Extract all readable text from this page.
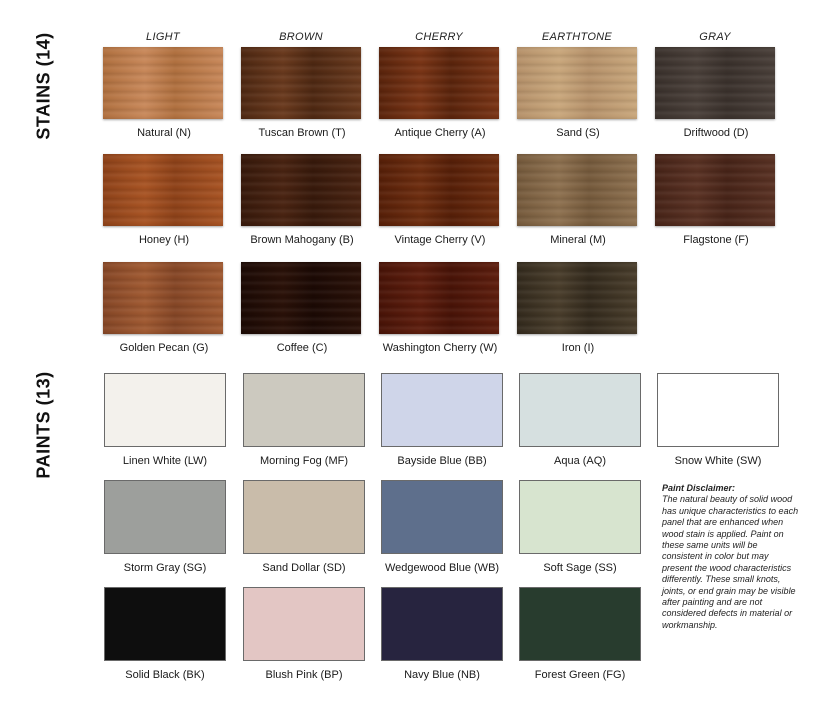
STAINS (14)
PAINTS (13)
LIGHT	BROWN	CHERRY	EARTHTONE	GRAY
Natural (N)	Tuscan Brown (T)	Antique Cherry (A)	Sand (S)	Driftwood (D)
Honey (H)	Brown Mahogany (B)	Vintage Cherry (V)	Mineral (M)	Flagstone (F)
Golden Pecan (G)	Coffee (C)	Washington Cherry (W)	Iron (I)
Linen White (LW)	Morning Fog (MF)	Bayside Blue (BB)	Aqua (AQ)	Snow White (SW)
Storm Gray (SG)	Sand Dollar (SD)	Wedgewood Blue (WB)	Soft Sage (SS)
Solid Black (BK)	Blush Pink (BP)	Navy Blue (NB)	Forest Green (FG)
Paint Disclaimer:
The natural beauty of solid wood has unique characteristics to each panel that are enhanced when wood stain is applied. Paint on these same units will be consistent in color but may present the wood characteristics differently. These small knots, joints, or end grain may be visible after painting and are not considered defects in material or workmanship.
